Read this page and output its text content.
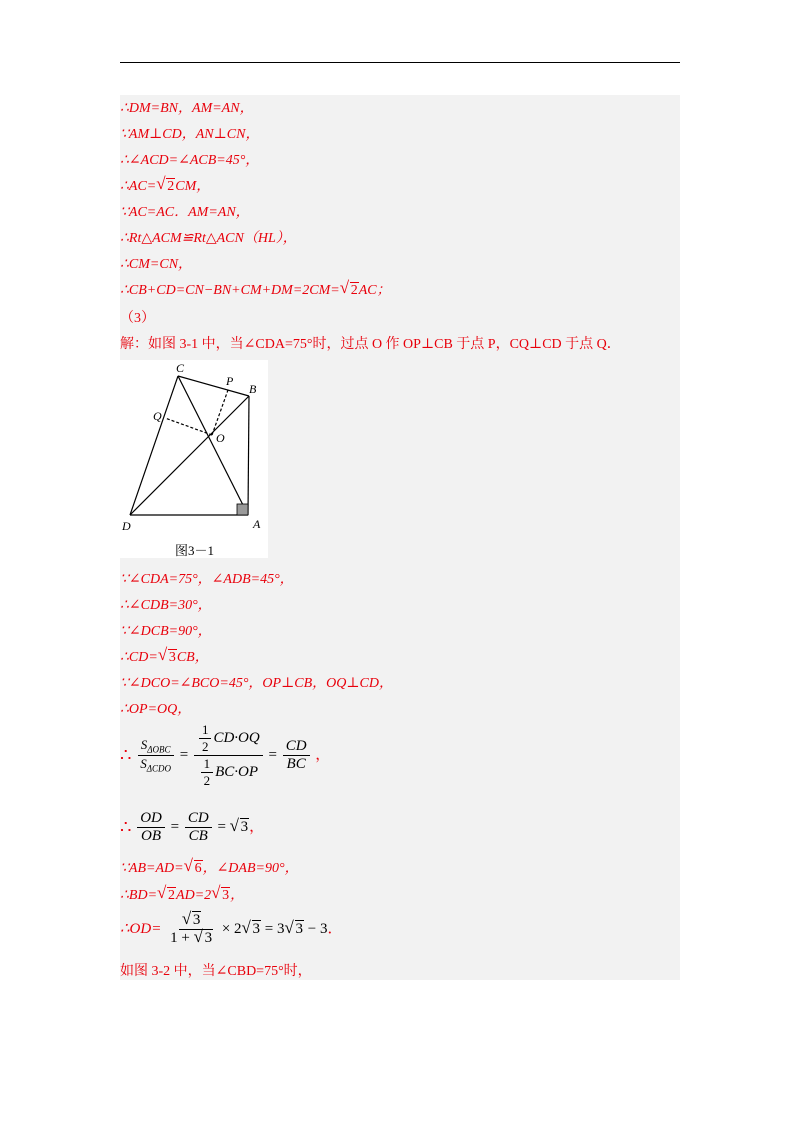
∴DM=BN，AM=AN，
∵AM⊥CD，AN⊥CN，
∴∠ACD=∠ACB=45°，
∴AC=√ 2CM，
∵AC=AC．AM=AN，
∴Rt△ACM≌Rt△ACN（HL），
∴CM=CN，
∴CB+CD=CN−BN+CM+DM=2CM=√ 2AC；
（3）
解：如图 3-1 中，当∠CDA=75°时，过点 O 作 OP⊥CB 于点 P，CQ⊥CD 于点 Q．
C
P
B
Q
O
D	A
图3－1
∵∠CDA=75°，∠ADB=45°，
∴∠CDB=30°，
∵∠DCB=90°，
∴CD=√ 3CB，
∵∠DCO=∠BCO=45°，OP⊥CB，OQ⊥CD，
∴OP=OQ，
∴ $\frac{S_{\Delta OBC}}{S_{\Delta CDO}} = \frac{\frac{1}{2} CD\cdot OQ}{\frac{1}{2} BC\cdot OP} = \frac{CD}{BC}$ ，
∴ $\frac{OD}{OB} = \frac{CD}{CB}$ = √ 3，
∵AB=AD=√ 6，∠DAB=90°，
∴BD=√ 2AD=2√ 3，
∴OD=
√ $\frac{3}{1 + √ 3} \times 2√$ 3 = 3√ 3 − 3．
如图 3-2 中，当∠CBD=75°时，
